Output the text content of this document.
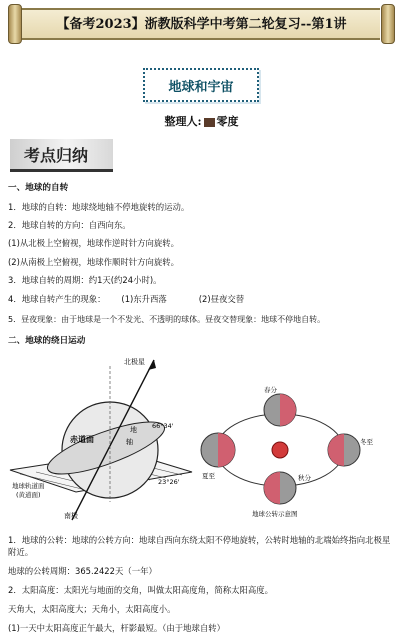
【备考2023】浙教版科学中考第二轮复习--第1讲
地球和宇宙
整理人: 零度
考点归纳
一、地球的自转
1．地球的自转：地球绕地轴不停地旋转的运动。
2．地球自转的方向：自西向东。
(1)从北极上空俯视，地球作逆时针方向旋转。
(2)从南极上空俯视，地球作顺时针方向旋转。
3．地球自转的周期：约1天(约24小时)。
4．地球自转产生的现象：      (1)东升西落            (2)昼夜交替
5．昼夜现象：由于地球是一个不发光、不透明的球体。昼夜交替现象：地球不停地自转。
二、地球的绕日运动
北极星
赤道面
地
轴
66°34'
23°26'
地球轨道面
(黄道面)
南极
春分
夏至	秋分
冬至
地球公转示意图
1．地球的公转：地球的公转方向：地球自西向东绕太阳不停地旋转，公转时地轴的北端始终指向北极星附近。
地球的公转周期：365.2422天（一年）
2．太阳高度：太阳光与地面的交角，叫做太阳高度角，简称太阳高度。
天角大，太阳高度大；天角小，太阳高度小。
(1)一天中太阳高度正午最大，杆影最短。（由于地球自转）
